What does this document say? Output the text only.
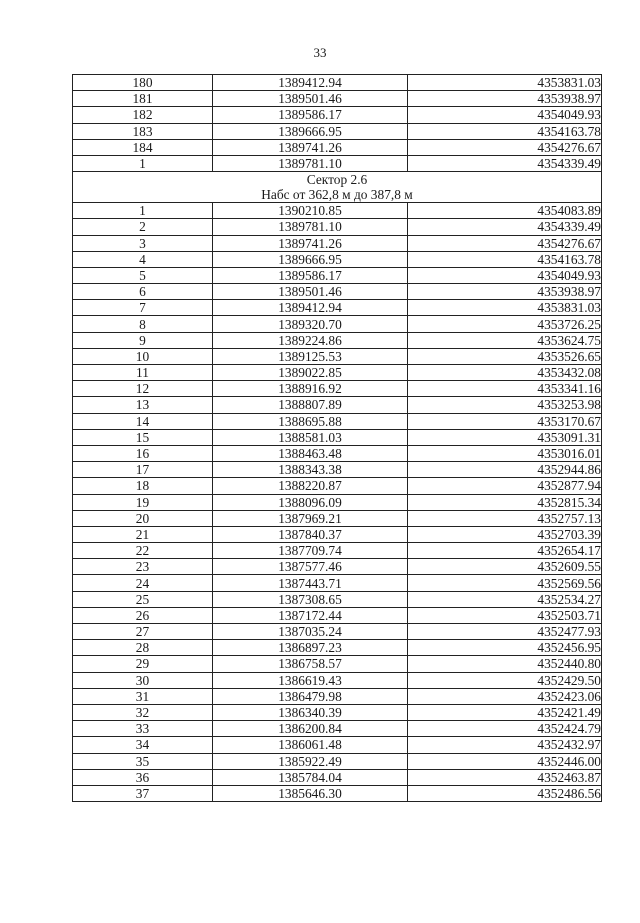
33
180	1389412.94	4353831.03
181	1389501.46	4353938.97
182	1389586.17	4354049.93
183	1389666.95	4354163.78
184	1389741.26	4354276.67
1	1389781.10	4354339.49

Сектор 2.6
Набс от 362,8 м до 387,8 м		

1	1390210.85	4354083.89
2	1389781.10	4354339.49
3	1389741.26	4354276.67
4	1389666.95	4354163.78
5	1389586.17	4354049.93
6	1389501.46	4353938.97
7	1389412.94	4353831.03
8	1389320.70	4353726.25
9	1389224.86	4353624.75
10	1389125.53	4353526.65
11	1389022.85	4353432.08
12	1388916.92	4353341.16
13	1388807.89	4353253.98
14	1388695.88	4353170.67
15	1388581.03	4353091.31
16	1388463.48	4353016.01
17	1388343.38	4352944.86
18	1388220.87	4352877.94
19	1388096.09	4352815.34
20	1387969.21	4352757.13
21	1387840.37	4352703.39
22	1387709.74	4352654.17
23	1387577.46	4352609.55
24	1387443.71	4352569.56
25	1387308.65	4352534.27
26	1387172.44	4352503.71
27	1387035.24	4352477.93
28	1386897.23	4352456.95
29	1386758.57	4352440.80
30	1386619.43	4352429.50
31	1386479.98	4352423.06
32	1386340.39	4352421.49
33	1386200.84	4352424.79
34	1386061.48	4352432.97
35	1385922.49	4352446.00
36	1385784.04	4352463.87
37	1385646.30	4352486.56
